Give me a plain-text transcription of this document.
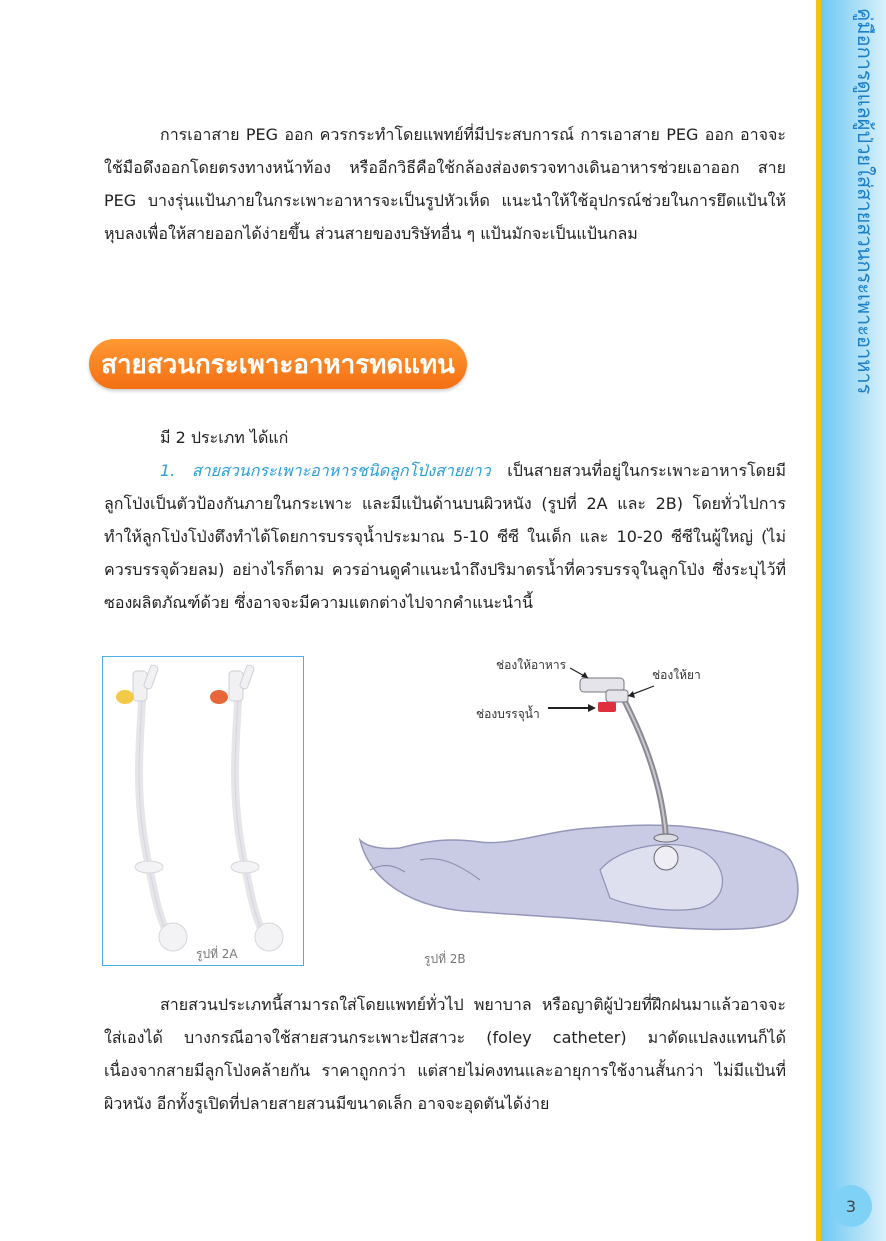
คู่มือการดูแลผู้ป่วยใส่สายสวนกระเพาะอาหาร
3

การเอาสาย PEG ออก ควรกระทำโดยแพทย์ที่มีประสบการณ์ การเอาสาย PEG ออก อาจจะใช้มือดึงออกโดยตรงทางหน้าท้อง หรืออีกวิธีคือใช้กล้องส่องตรวจทางเดินอาหารช่วยเอาออก สาย PEG บางรุ่นแป้นภายในกระเพาะอาหารจะเป็นรูปหัวเห็ด แนะนำให้ใช้อุปกรณ์ช่วยในการยึดแป้นให้หุบลงเพื่อให้สายออกได้ง่ายขึ้น ส่วนสายของบริษัทอื่น ๆ แป้นมักจะเป็นแป้นกลม

สายสวนกระเพาะอาหารทดแทน
มี 2 ประเภท ได้แก่

1. สายสวนกระเพาะอาหารชนิดลูกโป่งสายยาว เป็นสายสวนที่อยู่ในกระเพาะอาหารโดยมีลูกโป่งเป็นตัวป้องกันภายในกระเพาะ และมีแป้นด้านบนผิวหนัง (รูปที่ 2A และ 2B) โดยทั่วไปการทำให้ลูกโป่งโป่งตึงทำได้โดยการบรรจุน้ำประมาณ 5-10 ซีซี ในเด็ก และ 10-20 ซีซีในผู้ใหญ่ (ไม่ควรบรรจุด้วยลม) อย่างไรก็ตาม ควรอ่านดูคำแนะนำถึงปริมาตรน้ำที่ควรบรรจุในลูกโป่ง ซึ่งระบุไว้ที่ซองผลิตภัณฑ์ด้วย ซึ่งอาจจะมีความแตกต่างไปจากคำแนะนำนี้

รูปที่ 2A
ช่องให้อาหาร
ช่องให้ยา
ช่องบรรจุน้ำ
รูปที่ 2B

สายสวนประเภทนี้สามารถใส่โดยแพทย์ทั่วไป พยาบาล หรือญาติผู้ป่วยที่ฝึกฝนมาแล้วอาจจะใส่เองได้ บางกรณีอาจใช้สายสวนกระเพาะปัสสาวะ (foley catheter) มาดัดแปลงแทนก็ได้ เนื่องจากสายมีลูกโป่งคล้ายกัน ราคาถูกกว่า แต่สายไม่คงทนและอายุการใช้งานสั้นกว่า ไม่มีแป้นที่ผิวหนัง อีกทั้งรูเปิดที่ปลายสายสวนมีขนาดเล็ก อาจจะอุดตันได้ง่าย
